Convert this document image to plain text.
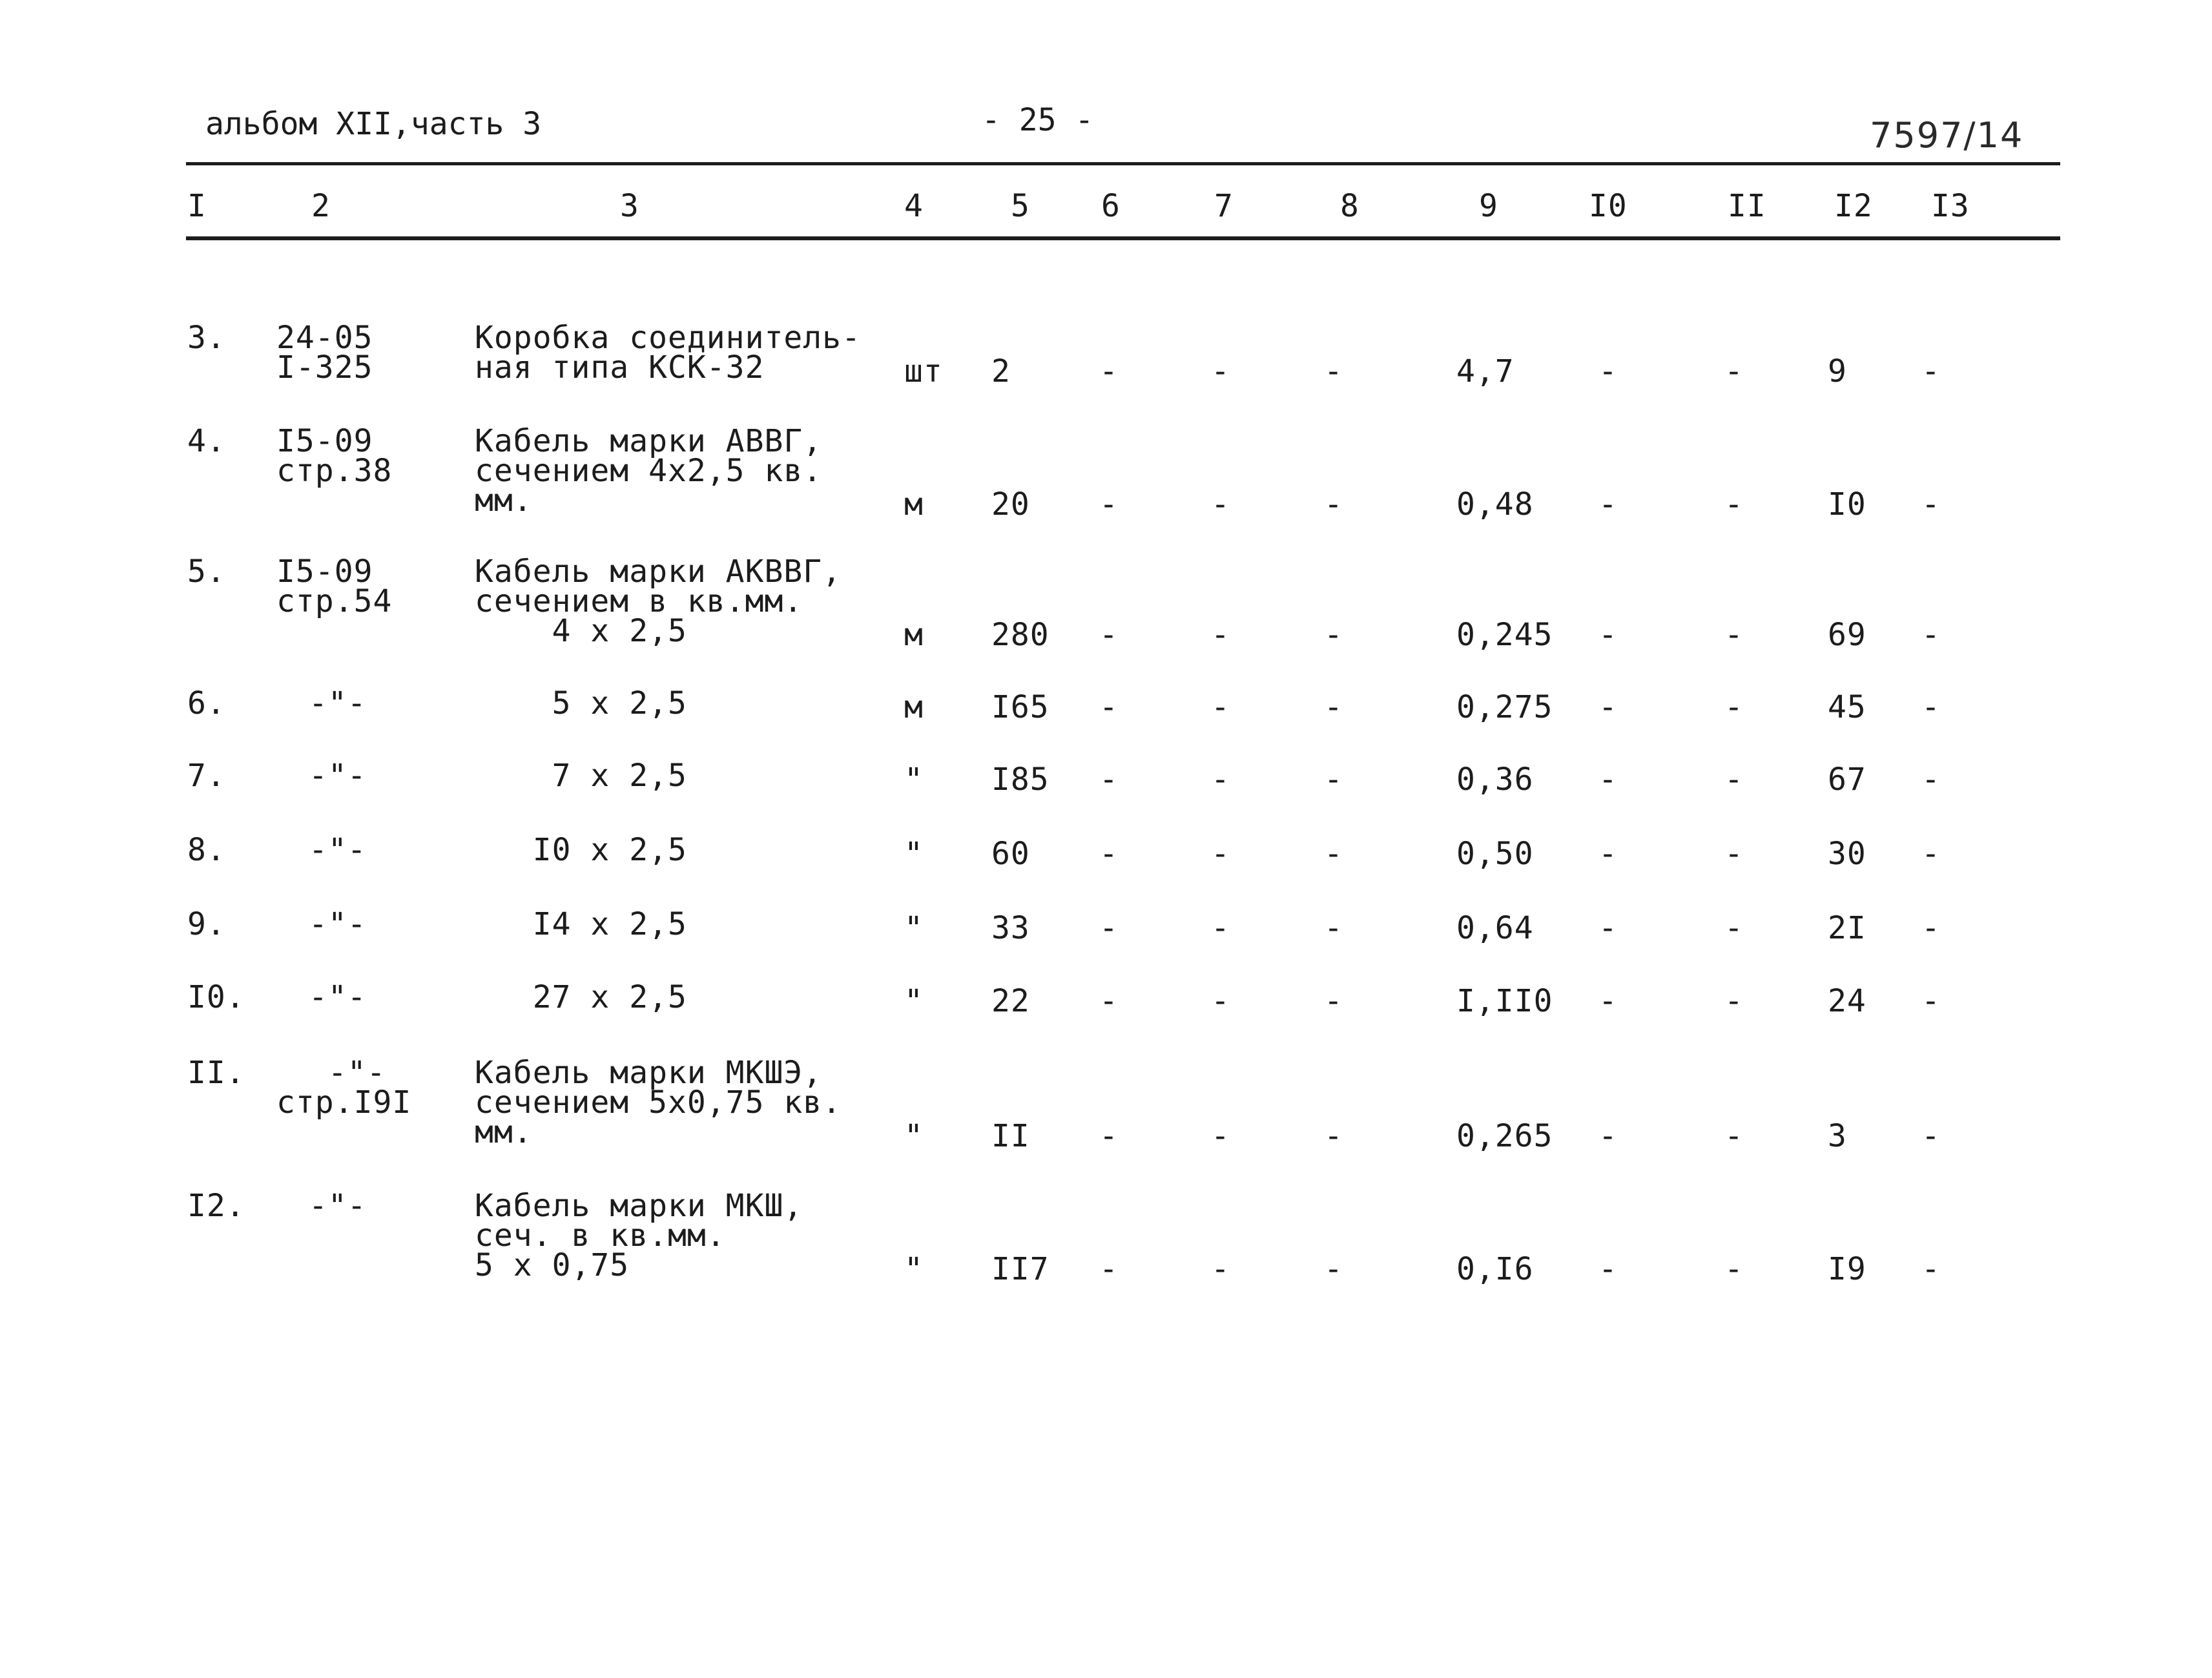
альбом XII,часть 3	- 25 -	7597/14
I	2	3	4	5 6	7	8	9	I0	II I2 I3
3. 24-05
I-325
Коробка соединитель-
ная типа КСК-32	шт 2	-	-	-	4,7	-	-	9 -
4. I5-09
стр.38
Кабель марки АВВГ,
сечением 4x2,5 кв.
мм.	м 20 -	-	-	0,48 -	-	I0 -
5. I5-09
стр.54
Кабель марки АКВВГ,
сечением в кв.мм.
4 x 2,5	м 280 -	-	-	0,245 -	-	69 -
6.	-"-	5 x 2,5	м I65 -	-	-	0,275 -	-	45 -
7.	-"-	7 x 2,5	" I85 -	-	-	0,36 -	-	67 -
8.	-"-	I0 x 2,5	" 60 -	-	-	0,50 -	-	30 -
9.	-"-	I4 x 2,5	" 33 -	-	-	0,64 -	-	2I -
I0. -"-	27 x 2,5	" 22 -	-	-	I,II0 -	-	24 -
II. -"-
стр.I9I
Кабель марки МКШЭ,
сечением 5x0,75 кв.
мм.	" II -	-	-	0,265 -	-	3 -
I2. -"-	Кабель марки МКШ,
сеч. в кв.мм.
5 x 0,75	" II7 -	-	-	0,I6 -	-	I9 -
